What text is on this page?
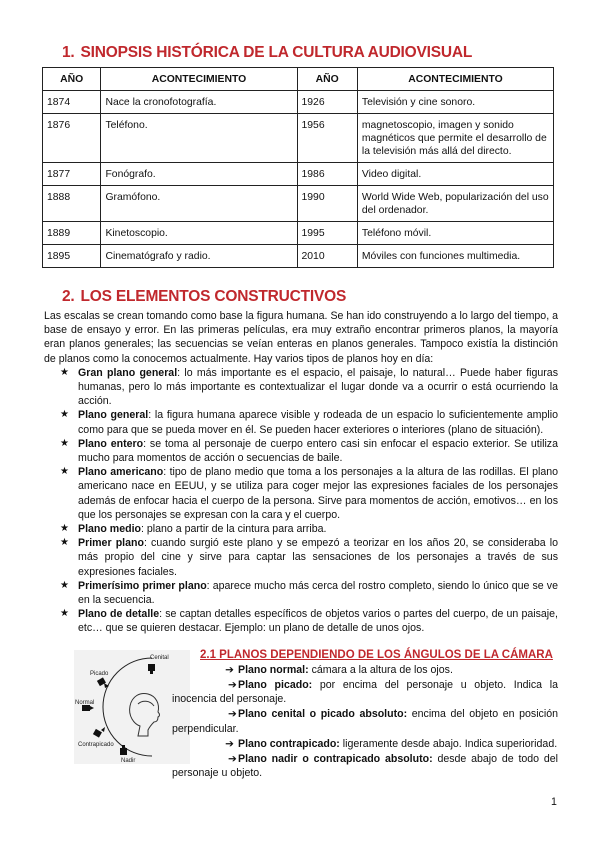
1. SINOPSIS HISTÓRICA DE LA CULTURA AUDIOVISUAL
AÑO	ACONTECIMIENTO	AÑO	ACONTECIMIENTO
1874	Nace la cronofotografía.	1926	Televisión y cine sonoro.
1876	Teléfono.	1956	magnetoscopio, imagen y sonido magnéticos que permite el desarrollo de la televisión más allá del directo.
1877	Fonógrafo.	1986	Video digital.
1888	Gramófono.	1990	World Wide Web, popularización del uso del ordenador.
1889	Kinetoscopio.	1995	Teléfono móvil.
1895	Cinematógrafo y radio.	2010	Móviles con funciones multimedia.
2. LOS ELEMENTOS CONSTRUCTIVOS

Las escalas se crean tomando como base la figura humana. Se han ido construyendo a lo largo del tiempo, a base de ensayo y error. En las primeras películas, era muy extraño encontrar primeros planos, la mayoría eran planos generales; las secuencias se veían enteras en planos generales. Tampoco existía la distinción de planos como la conocemos actualmente. Hay varios tipos de planos hoy en día:

★ Gran plano general: lo más importante es el espacio, el paisaje, lo natural… Puede haber figuras humanas, pero lo más importante es contextualizar el lugar donde va a ocurrir o está ocurriendo la acción.
★ Plano general: la figura humana aparece visible y rodeada de un espacio lo suficientemente amplio como para que se pueda mover en él. Se pueden hacer exteriores o interiores (plano de situación).
★ Plano entero: se toma al personaje de cuerpo entero casi sin enfocar el espacio exterior. Se utiliza mucho para momentos de acción o secuencias de baile.
★ Plano americano: tipo de plano medio que toma a los personajes a la altura de las rodillas. El plano americano nace en EEUU, y se utiliza para coger mejor las expresiones faciales de los personajes además de enfocar hacia el cuerpo de la persona. Sirve para momentos de acción, emotivos… en los que los personajes se expresan con la cara y el cuerpo.
★ Plano medio: plano a partir de la cintura para arriba.
★ Primer plano: cuando surgió este plano y se empezó a teorizar en los años 20, se consideraba lo más propio del cine y sirve para captar las sensaciones de los personajes a través de sus expresiones faciales.
★ Primerísimo primer plano: aparece mucho más cerca del rostro completo, siendo lo único que se ve en la secuencia.
★ Plano de detalle: se captan detalles específicos de objetos varios o partes del cuerpo, de un paisaje, etc… que se quieren destacar. Ejemplo: un plano de detalle de unos ojos.
Cenital
Picado
Normal
Contrapicado
Nadir
2.1 PLANOS DEPENDIENDO DE LOS ÁNGULOS DE LA CÁMARA
➔ Plano normal: cámara a la altura de los ojos.
➔Plano picado: por encima del personaje u objeto. Indica la inocencia del personaje.
➔Plano cenital o picado absoluto: encima del objeto en posición perpendicular.
➔ Plano contrapicado: ligeramente desde abajo. Indica superioridad.
➔Plano nadir o contrapicado absoluto: desde abajo de todo del personaje u objeto.
1
